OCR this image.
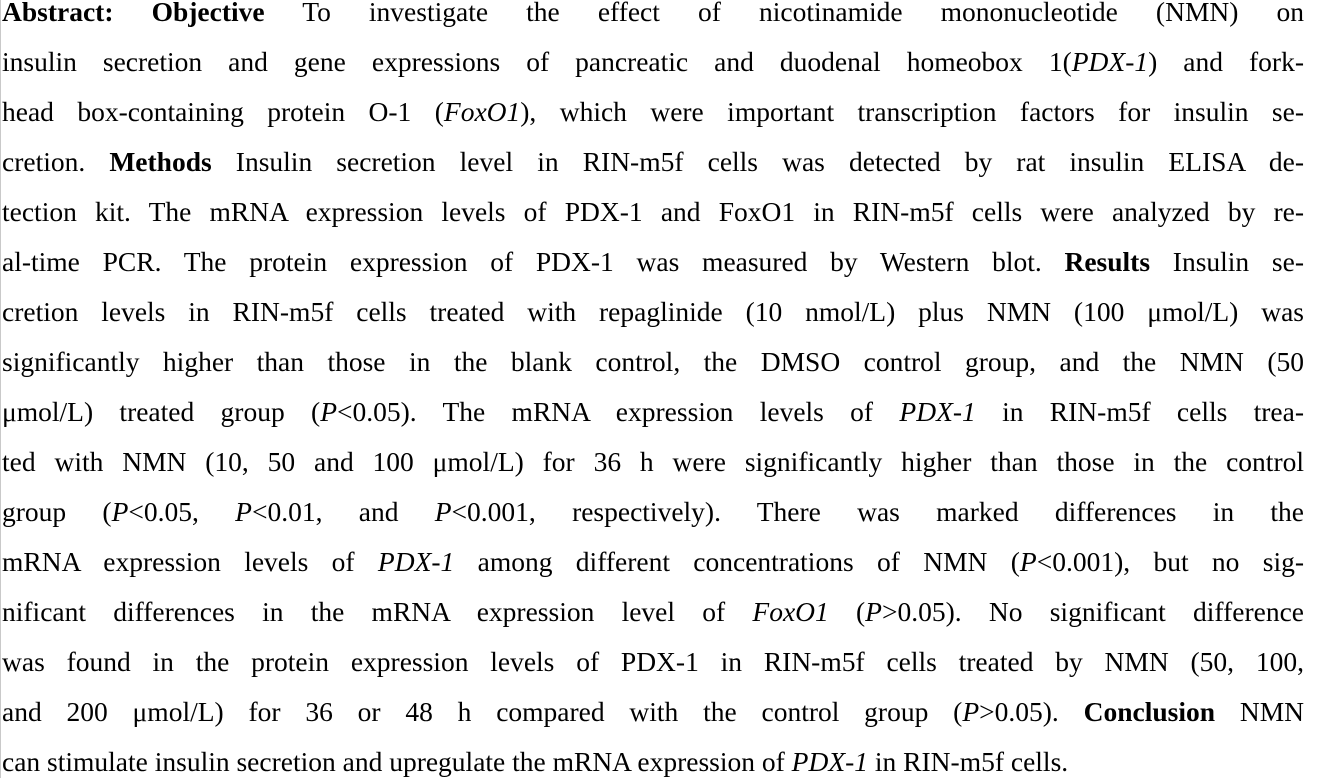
Abstract: Objective To investigate the effect of nicotinamide mononucleotide (NMN) on
insulin secretion and gene expressions of pancreatic and duodenal homeobox 1(PDX-1) and fork-
head box-containing protein O-1 (FoxO1), which were important transcription factors for insulin se-
cretion. Methods Insulin secretion level in RIN-m5f cells was detected by rat insulin ELISA de-
tection kit. The mRNA expression levels of PDX-1 and FoxO1 in RIN-m5f cells were analyzed by re-
al-time PCR. The protein expression of PDX-1 was measured by Western blot. Results Insulin se-
cretion levels in RIN-m5f cells treated with repaglinide (10 nmol/L) plus NMN (100 μmol/L) was
significantly higher than those in the blank control, the DMSO control group, and the NMN (50
μmol/L) treated group (P<0.05). The mRNA expression levels of PDX-1 in RIN-m5f cells trea-
ted with NMN (10, 50 and 100 μmol/L) for 36 h were significantly higher than those in the control
group (P<0.05, P<0.01, and P<0.001, respectively). There was marked differences in the
mRNA expression levels of PDX-1 among different concentrations of NMN (P<0.001), but no sig-
nificant differences in the mRNA expression level of FoxO1 (P>0.05). No significant difference
was found in the protein expression levels of PDX-1 in RIN-m5f cells treated by NMN (50, 100,
and 200 μmol/L) for 36 or 48 h compared with the control group (P>0.05). Conclusion NMN
can stimulate insulin secretion and upregulate the mRNA expression of PDX-1 in RIN-m5f cells.
